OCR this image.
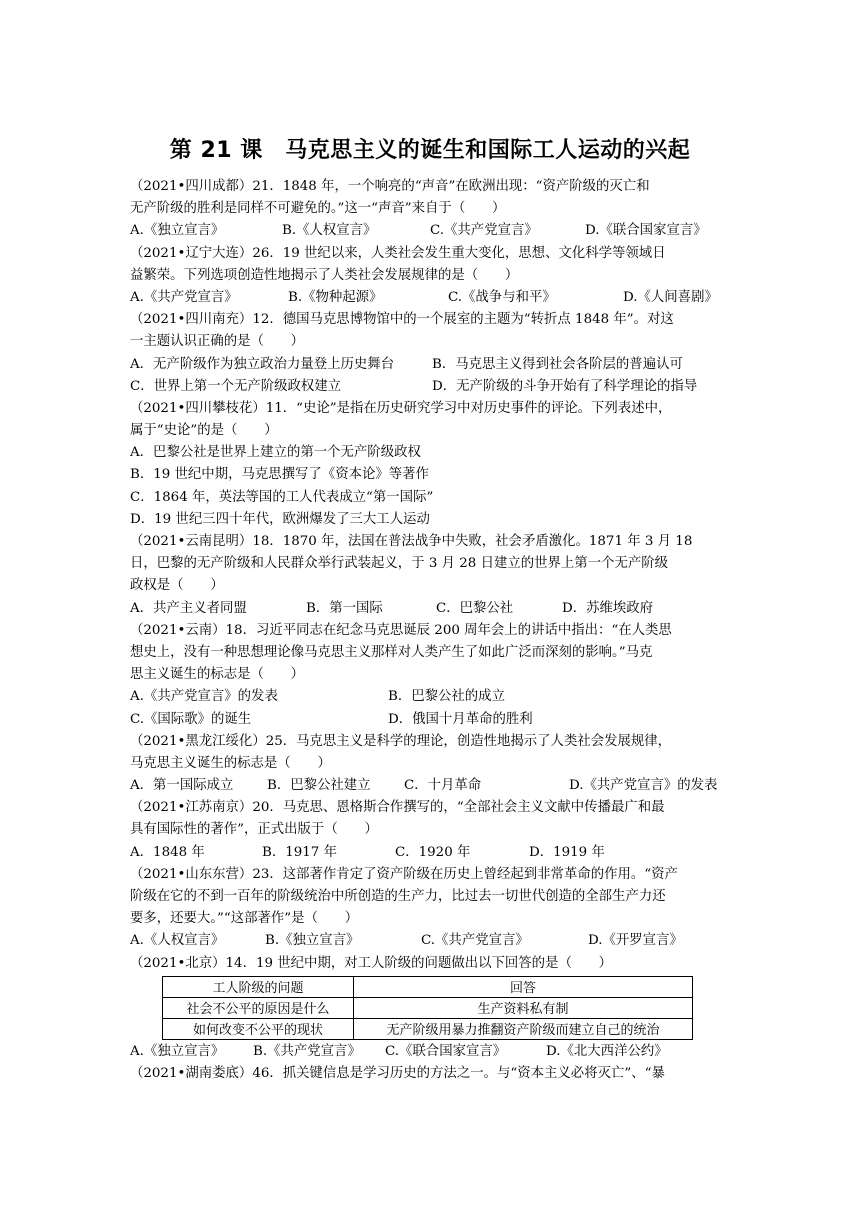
第 21 课　马克思主义的诞生和国际工人运动的兴起
（2021•四川成都）21．1848 年，一个响亮的“声音”在欧洲出现：“资产阶级的灭亡和
无产阶级的胜利是同样不可避免的。”这一“声音”来自于（　　）
A.《独立宣言》	B.《人权宣言》	C.《共产党宣言》	D.《联合国家宣言》
（2021•辽宁大连）26．19 世纪以来，人类社会发生重大变化，思想、文化科学等领域日
益繁荣。下列选项创造性地揭示了人类社会发展规律的是（　　）
A.《共产党宣言》	B.《物种起源》	C.《战争与和平》	D.《人间喜剧》
（2021•四川南充）12．德国马克思博物馆中的一个展室的主题为“转折点 1848 年”。对这
一主题认识正确的是（　　）
A．无产阶级作为独立政治力量登上历史舞台	B．马克思主义得到社会各阶层的普遍认可
C．世界上第一个无产阶级政权建立	D．无产阶级的斗争开始有了科学理论的指导
（2021•四川攀枝花）11．“史论”是指在历史研究学习中对历史事件的评论。下列表述中，
属于“史论”的是（　　）
A．巴黎公社是世界上建立的第一个无产阶级政权
B．19 世纪中期，马克思撰写了《资本论》等著作
C．1864 年，英法等国的工人代表成立“第一国际”
D．19 世纪三四十年代，欧洲爆发了三大工人运动
（2021•云南昆明）18．1870 年，法国在普法战争中失败，社会矛盾激化。1871 年 3 月 18
日，巴黎的无产阶级和人民群众举行武装起义，于 3 月 28 日建立的世界上第一个无产阶级
政权是（　　）
A．共产主义者同盟	B．第一国际	C．巴黎公社	D．苏维埃政府
（2021•云南）18．习近平同志在纪念马克思诞辰 200 周年会上的讲话中指出：“在人类思
想史上，没有一种思想理论像马克思主义那样对人类产生了如此广泛而深刻的影响。”马克
思主义诞生的标志是（　　）
A.《共产党宣言》的发表	B．巴黎公社的成立
C.《国际歌》的诞生	D．俄国十月革命的胜利
（2021•黑龙江绥化）25．马克思主义是科学的理论，创造性地揭示了人类社会发展规律，
马克思主义诞生的标志是（　　）
A．第一国际成立	B．巴黎公社建立 C．十月革命	D.《共产党宣言》的发表
（2021•江苏南京）20．马克思、恩格斯合作撰写的，“全部社会主义文献中传播最广和最
具有国际性的著作”，正式出版于（　　）
A．1848 年	B．1917 年	C．1920 年	D．1919 年
（2021•山东东营）23．这部著作肯定了资产阶级在历史上曾经起到非常革命的作用。“资产
阶级在它的不到一百年的阶级统治中所创造的生产力，比过去一切世代创造的全部生产力还
要多，还要大。”“这部著作”是（　　）
A.《人权宣言》	B.《独立宣言》	C.《共产党宣言》	D.《开罗宣言》
（2021•北京）14．19 世纪中期，对工人阶级的问题做出以下回答的是（　　）
工人阶级的问题	回答
社会不公平的原因是什么	生产资料私有制
如何改变不公平的现状	无产阶级用暴力推翻资产阶级而建立自己的统治
A.《独立宣言》 B.《共产党宣言》 C.《联合国家宣言》	D.《北大西洋公约》
（2021•湖南娄底）46．抓关键信息是学习历史的方法之一。与“资本主义必将灭亡”、“暴
